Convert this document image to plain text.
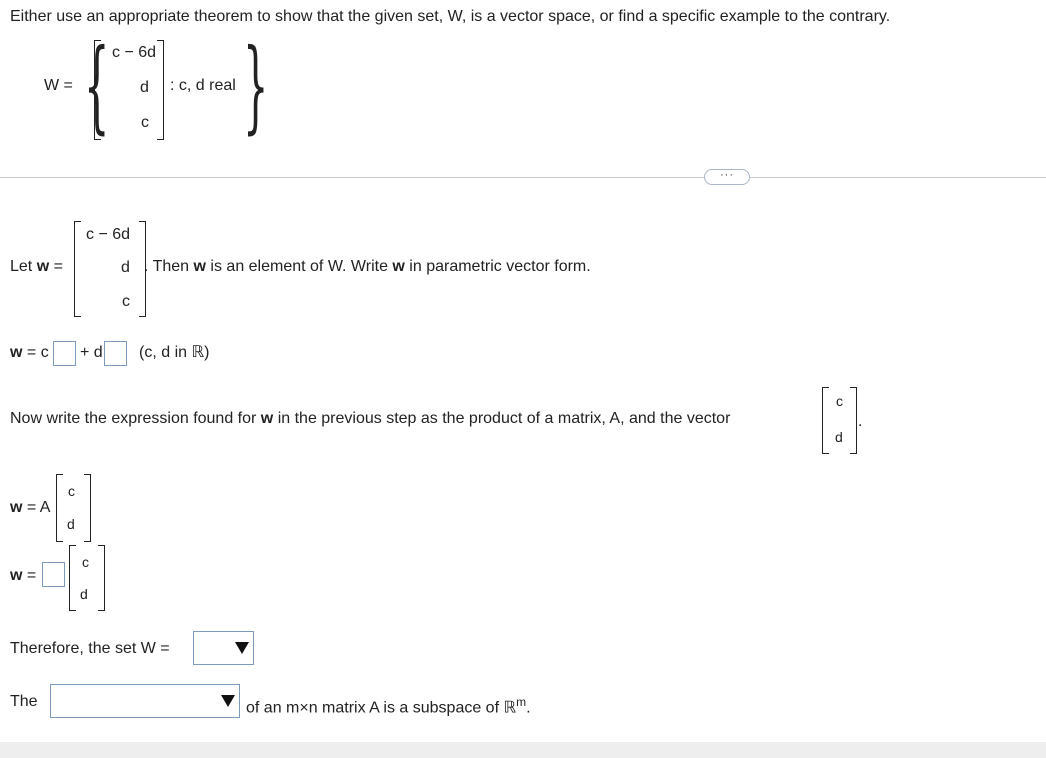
Either use an appropriate theorem to show that the given set, W, is a vector space, or find a specific example to the contrary.
W = { c − 6d
d
c
: c, d real }
···
Let w =
c − 6d
d
c
. Then w is an element of W. Write w in parametric vector form.
w = c + d (c, d in ℝ)
Now write the expression found for w in the previous step as the product of a matrix, A, and the vector
c
d
.
w = A
c
d
w =
c
d
Therefore, the set W =
The	of an m×n matrix A is a subspace of ℝ$^m$.
